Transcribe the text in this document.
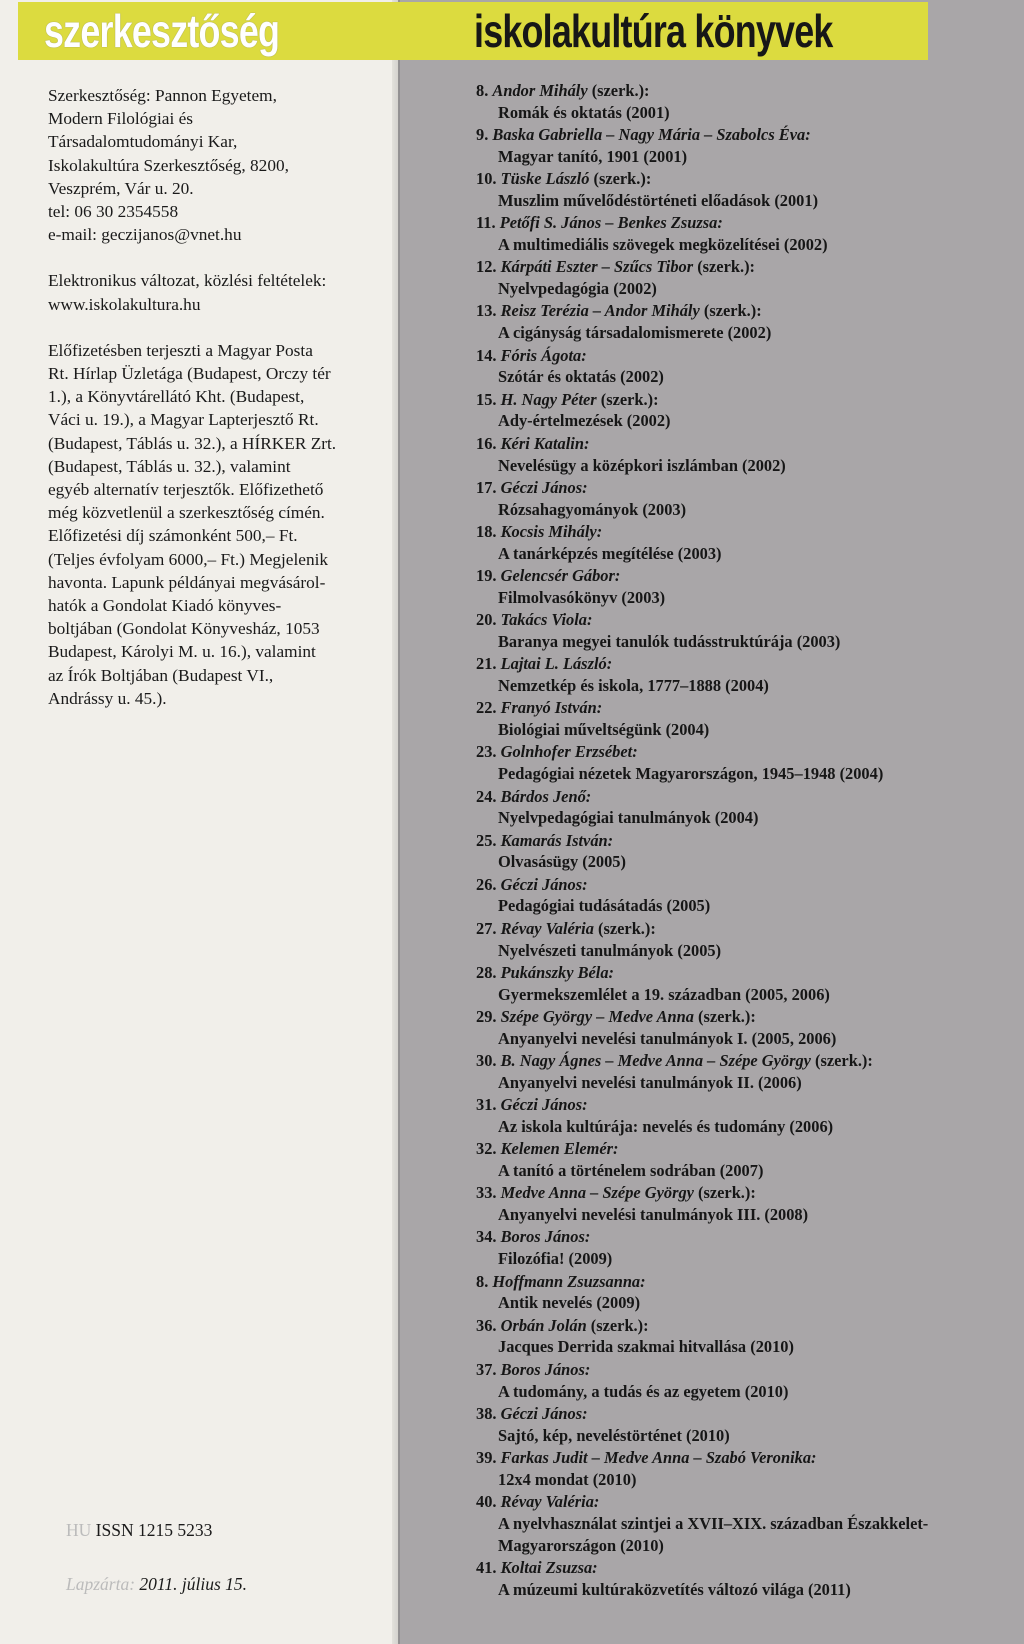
szerkesztőség	iskolakultúra könyvek

Szerkesztőség: Pannon Egyetem,

Modern Filológiai és

Társadalomtudományi Kar,

Iskolakultúra Szerkesztőség, 8200,

Veszprém, Vár u. 20.

tel: 06 30 2354558

e-mail: geczijanos@vnet.hu

Elektronikus változat, közlési feltételek:

www.iskolakultura.hu

Előfizetésben terjeszti a Magyar Posta

Rt. Hírlap Üzletága (Budapest, Orczy tér

1.), a Könyvtárellátó Kht. (Budapest,

Váci u. 19.), a Magyar Lapterjesztő Rt.

(Budapest, Táblás u. 32.), a HÍRKER Zrt.

(Budapest, Táblás u. 32.), valamint

egyéb alternatív terjesztők. Előfizethető

még közvetlenül a szerkesztőség címén.

Előfizetési díj számonként 500,– Ft.

(Teljes évfolyam 6000,– Ft.) Megjelenik

havonta. Lapunk példányai megvásárol-

hatók a Gondolat Kiadó könyves-

boltjában (Gondolat Könyvesház, 1053

Budapest, Károlyi M. u. 16.), valamint

az Írók Boltjában (Budapest VI.,

Andrássy u. 45.).

HU ISSN 1215 5233
Lapzárta: 2011. július 15.
8. Andor Mihály (szerk.):
Romák és oktatás (2001)
9. Baska Gabriella – Nagy Mária – Szabolcs Éva:
Magyar tanító, 1901 (2001)
10. Tüske László (szerk.):
Muszlim művelődéstörténeti előadások (2001)
11. Petőfi S. János – Benkes Zsuzsa:
A multimediális szövegek megközelítései (2002)
12. Kárpáti Eszter – Szűcs Tibor (szerk.):
Nyelvpedagógia (2002)
13. Reisz Terézia – Andor Mihály (szerk.):
A cigányság társadalomismerete (2002)
14. Fóris Ágota:
Szótár és oktatás (2002)
15. H. Nagy Péter (szerk.):
Ady-értelmezések (2002)
16. Kéri Katalin:
Nevelésügy a középkori iszlámban (2002)
17. Géczi János:
Rózsahagyományok (2003)
18. Kocsis Mihály:
A tanárképzés megítélése (2003)
19. Gelencsér Gábor:
Filmolvasókönyv (2003)
20. Takács Viola:
Baranya megyei tanulók tudásstruktúrája (2003)
21. Lajtai L. László:
Nemzetkép és iskola, 1777–1888 (2004)
22. Franyó István:
Biológiai műveltségünk (2004)
23. Golnhofer Erzsébet:
Pedagógiai nézetek Magyarországon, 1945–1948 (2004)
24. Bárdos Jenő:
Nyelvpedagógiai tanulmányok (2004)
25. Kamarás István:
Olvasásügy (2005)
26. Géczi János:
Pedagógiai tudásátadás (2005)
27. Révay Valéria (szerk.):
Nyelvészeti tanulmányok (2005)
28. Pukánszky Béla:
Gyermekszemlélet a 19. században (2005, 2006)
29. Szépe György – Medve Anna (szerk.):
Anyanyelvi nevelési tanulmányok I. (2005, 2006)
30. B. Nagy Ágnes – Medve Anna – Szépe György (szerk.):
Anyanyelvi nevelési tanulmányok II. (2006)
31. Géczi János:
Az iskola kultúrája: nevelés és tudomány (2006)
32. Kelemen Elemér:
A tanító a történelem sodrában (2007)
33. Medve Anna – Szépe György (szerk.):
Anyanyelvi nevelési tanulmányok III. (2008)
34. Boros János:
Filozófia! (2009)
8. Hoffmann Zsuzsanna:
Antik nevelés (2009)
36. Orbán Jolán (szerk.):
Jacques Derrida szakmai hitvallása (2010)
37. Boros János:
A tudomány, a tudás és az egyetem (2010)
38. Géczi János:
Sajtó, kép, neveléstörténet (2010)
39. Farkas Judit – Medve Anna – Szabó Veronika:
12x4 mondat (2010)
40. Révay Valéria:
A nyelvhasználat szintjei a XVII–XIX. században Északkelet-
Magyarországon (2010)
41. Koltai Zsuzsa:
A múzeumi kultúraközvetítés változó világa (2011)
